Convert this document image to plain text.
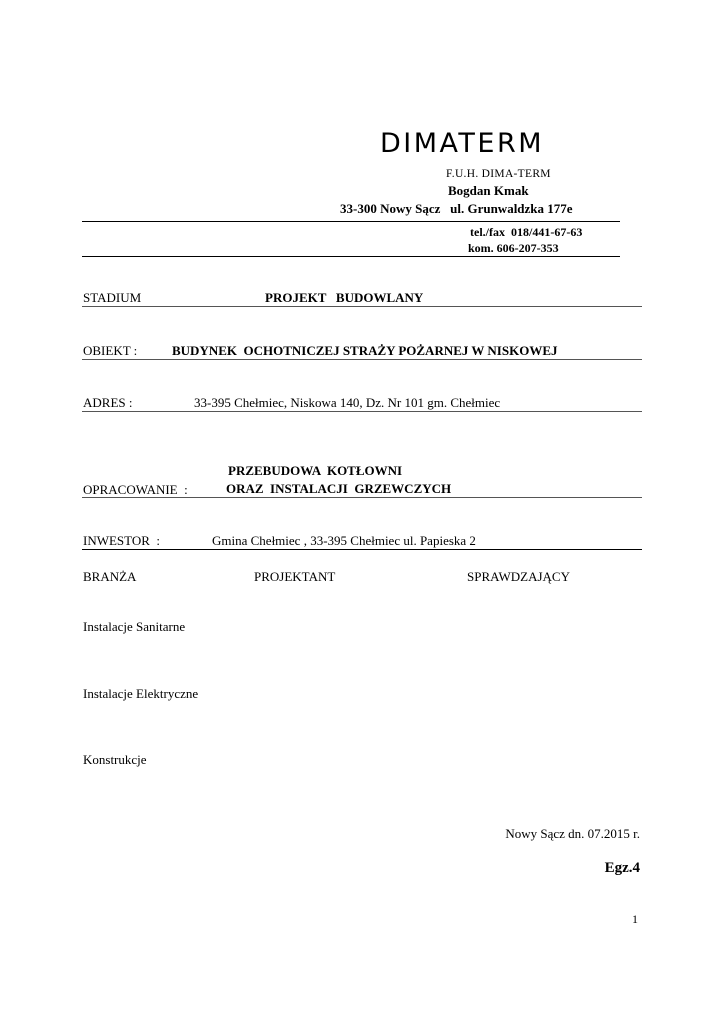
DIMATERM
F.U.H. DIMA-TERM
Bogdan Kmak
33-300 Nowy Sącz   ul. Grunwaldzka 177e
tel./fax  018/441-67-63
kom. 606-207-353
STADIUM	PROJEKT   BUDOWLANY
OBIEKT :	BUDYNEK  OCHOTNICZEJ STRAŻY POŻARNEJ W NISKOWEJ
ADRES :	33-395 Chełmiec, Niskowa 140, Dz. Nr 101 gm. Chełmiec
PRZEBUDOWA  KOTŁOWNI
OPRACOWANIE  :	ORAZ  INSTALACJI  GRZEWCZYCH
INWESTOR  :	Gmina Chełmiec , 33-395 Chełmiec ul. Papieska 2
BRANŻA	PROJEKTANT	SPRAWDZAJĄCY
Instalacje Sanitarne
Instalacje Elektryczne
Konstrukcje
Nowy Sącz dn. 07.2015 r.
Egz.4
1
